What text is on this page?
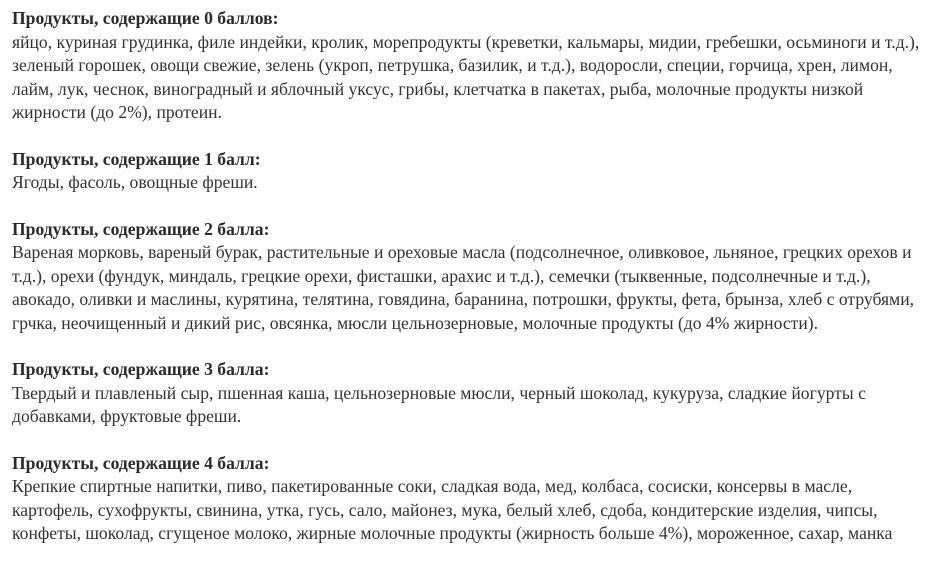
Продукты, содержащие 0 баллов:
яйцо, куриная грудинка, филе индейки, кролик, морепродукты (креветки, кальмары, мидии, гребешки, осьминоги и т.д.), зеленый горошек, овощи свежие, зелень (укроп, петрушка, базилик, и т.д.), водоросли, специи, горчица, хрен, лимон, лайм, лук, чеснок, виноградный и яблочный уксус, грибы, клетчатка в пакетах, рыба, молочные продукты низкой жирности (до 2%), протеин.
Продукты, содержащие 1 балл:
Ягоды, фасоль, овощные фреши.
Продукты, содержащие 2 балла:
Вареная морковь, вареный бурак, растительные и ореховые масла (подсолнечное, оливковое, льняное, грецких орехов и т.д.), орехи (фундук, миндаль, грецкие орехи, фисташки, арахис и т.д.), семечки (тыквенные, подсолнечные и т.д.), авокадо, оливки и маслины, курятина, телятина, говядина, баранина, потрошки, фрукты, фета, брынза, хлеб с отрубями, грчка, неочищенный и дикий рис, овсянка, мюсли цельнозерновые, молочные продукты (до 4% жирности).
Продукты, содержащие 3 балла:
Твердый и плавленый сыр, пшенная каша, цельнозерновые мюсли, черный шоколад, кукуруза, сладкие йогурты с добавками, фруктовые фреши.
Продукты, содержащие 4 балла:
Крепкие спиртные напитки, пиво, пакетированные соки, сладкая вода, мед, колбаса, сосиски, консервы в масле, картофель, сухофрукты, свинина, утка, гусь, сало, майонез, мука, белый хлеб, сдоба, кондитерские изделия, чипсы, конфеты, шоколад, сгущеное молоко, жирные молочные продукты (жирность больше 4%), мороженное, сахар, манка
